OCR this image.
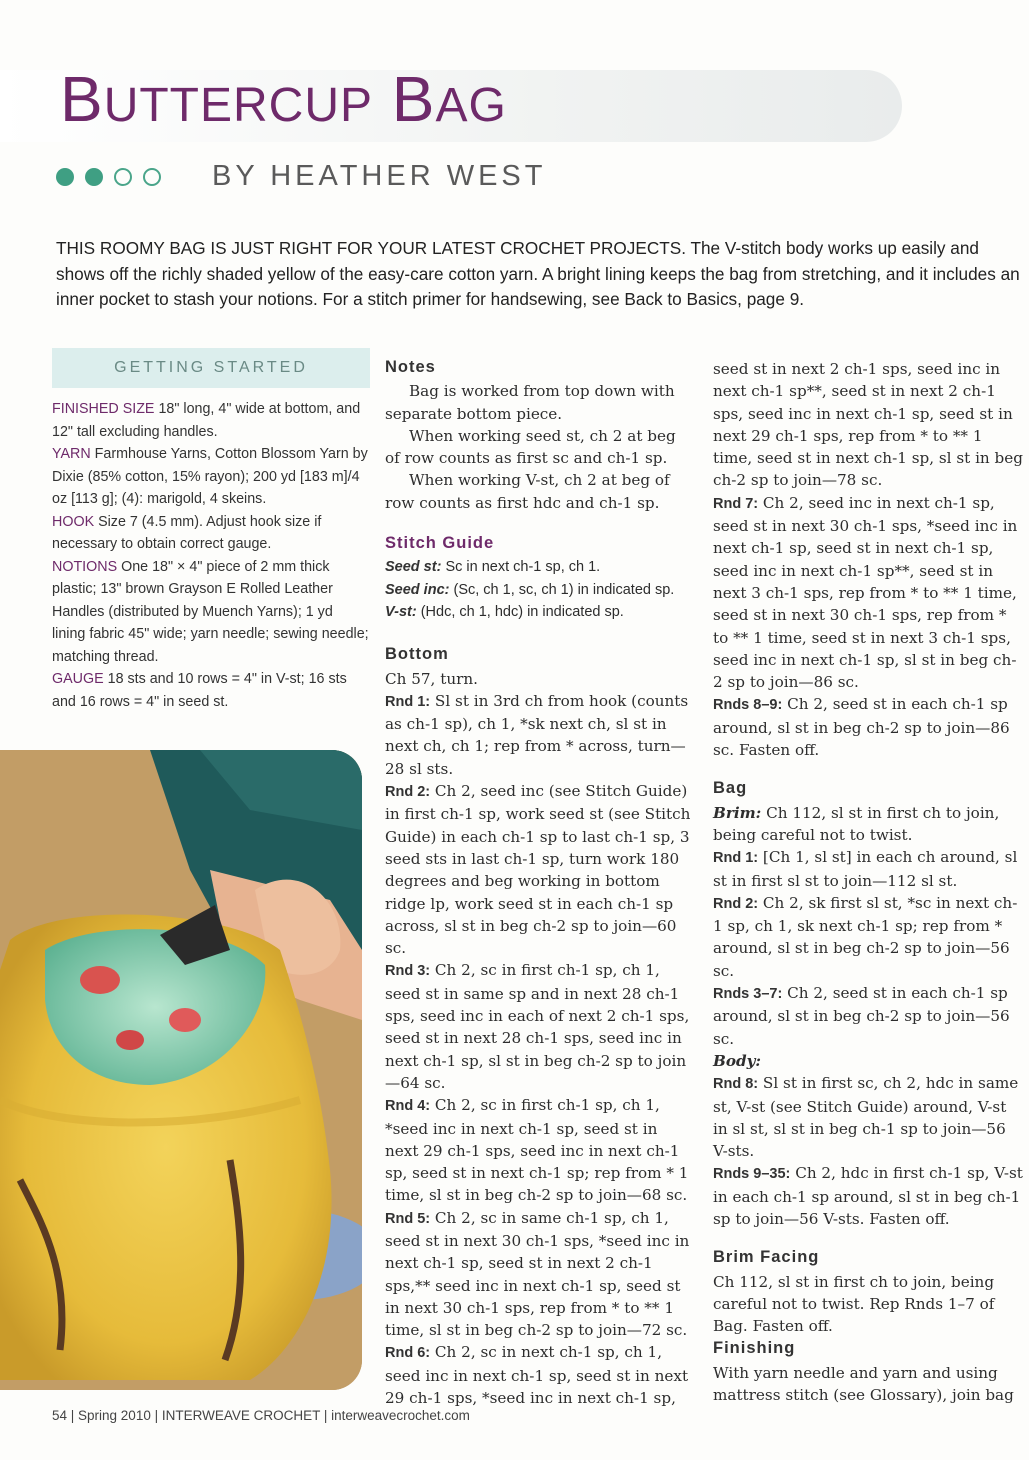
BUTTERCUP BAG
BY HEATHER WEST
THIS ROOMY BAG IS JUST RIGHT FOR YOUR LATEST CROCHET PROJECTS. The V-stitch body works up easily and shows off the richly shaded yellow of the easy-care cotton yarn. A bright lining keeps the bag from stretching, and it includes an inner pocket to stash your notions. For a stitch primer for handsewing, see Back to Basics, page 9.
GETTING STARTED
FINISHED SIZE 18" long, 4" wide at bottom, and 12" tall excluding handles.
YARN Farmhouse Yarns, Cotton Blossom Yarn by Dixie (85% cotton, 15% rayon); 200 yd [183 m]/4 oz [113 g]; (4): marigold, 4 skeins.
HOOK Size 7 (4.5 mm). Adjust hook size if necessary to obtain correct gauge.
NOTIONS One 18" × 4" piece of 2 mm thick plastic; 13" brown Grayson E Rolled Leather Handles (distributed by Muench Yarns); 1 yd lining fabric 45" wide; yarn needle; sewing needle; matching thread.
GAUGE 18 sts and 10 rows = 4" in V-st; 16 sts and 16 rows = 4" in seed st.
Notes

Bag is worked from top down with separate bottom piece.

When working seed st, ch 2 at beg of row counts as first sc and ch-1 sp.

When working V-st, ch 2 at beg of row counts as first hdc and ch-1 sp.

Stitch Guide

Seed st: Sc in next ch-1 sp, ch 1.

Seed inc: (Sc, ch 1, sc, ch 1) in indicated sp.

V-st: (Hdc, ch 1, hdc) in indicated sp.

Bottom

Ch 57, turn.

Rnd 1: Sl st in 3rd ch from hook (counts as ch-1 sp), ch 1, *sk next ch, sl st in next ch, ch 1; rep from * across, turn—28 sl sts.

Rnd 2: Ch 2, seed inc (see Stitch Guide) in first ch-1 sp, work seed st (see Stitch Guide) in each ch-1 sp to last ch-1 sp, 3 seed sts in last ch-1 sp, turn work 180 degrees and beg working in bottom ridge lp, work seed st in each ch-1 sp across, sl st in beg ch-2 sp to join—60 sc.

Rnd 3: Ch 2, sc in first ch-1 sp, ch 1, seed st in same sp and in next 28 ch-1 sps, seed inc in each of next 2 ch-1 sps, seed st in next 28 ch-1 sps, seed inc in next ch-1 sp, sl st in beg ch-2 sp to join—64 sc.

Rnd 4: Ch 2, sc in first ch-1 sp, ch 1, *seed inc in next ch-1 sp, seed st in next 29 ch-1 sps, seed inc in next ch-1 sp, seed st in next ch-1 sp; rep from * 1 time, sl st in beg ch-2 sp to join—68 sc.

Rnd 5: Ch 2, sc in same ch-1 sp, ch 1, seed st in next 30 ch-1 sps, *seed inc in next ch-1 sp, seed st in next 2 ch-1 sps,** seed inc in next ch-1 sp, seed st in next 30 ch-1 sps, rep from * to ** 1 time, sl st in beg ch-2 sp to join—72 sc.

Rnd 6: Ch 2, sc in next ch-1 sp, ch 1, seed inc in next ch-1 sp, seed st in next 29 ch-1 sps, *seed inc in next ch-1 sp,

seed st in next 2 ch-1 sps, seed inc in next ch-1 sp**, seed st in next 2 ch-1 sps, seed inc in next ch-1 sp, seed st in next 29 ch-1 sps, rep from * to ** 1 time, seed st in next ch-1 sp, sl st in beg ch-2 sp to join—78 sc.

Rnd 7: Ch 2, seed inc in next ch-1 sp, seed st in next 30 ch-1 sps, *seed inc in next ch-1 sp, seed st in next ch-1 sp, seed inc in next ch-1 sp**, seed st in next 3 ch-1 sps, rep from * to ** 1 time, seed st in next 30 ch-1 sps, rep from * to ** 1 time, seed st in next 3 ch-1 sps, seed inc in next ch-1 sp, sl st in beg ch-2 sp to join—86 sc.

Rnds 8–9: Ch 2, seed st in each ch-1 sp around, sl st in beg ch-2 sp to join—86 sc. Fasten off.

Bag

Brim: Ch 112, sl st in first ch to join, being careful not to twist.

Rnd 1: [Ch 1, sl st] in each ch around, sl st in first sl st to join—112 sl st.

Rnd 2: Ch 2, sk first sl st, *sc in next ch-1 sp, ch 1, sk next ch-1 sp; rep from * around, sl st in beg ch-2 sp to join—56 sc.

Rnds 3–7: Ch 2, seed st in each ch-1 sp around, sl st in beg ch-2 sp to join—56 sc.

Body:

Rnd 8: Sl st in first sc, ch 2, hdc in same st, V-st (see Stitch Guide) around, V-st in sl st, sl st in beg ch-1 sp to join—56 V-sts.

Rnds 9–35: Ch 2, hdc in first ch-1 sp, V-st in each ch-1 sp around, sl st in beg ch-1 sp to join—56 V-sts. Fasten off.

Brim Facing

Ch 112, sl st in first ch to join, being careful not to twist. Rep Rnds 1–7 of Bag. Fasten off.

Finishing

With yarn needle and yarn and using mattress stitch (see Glossary), join bag

54 | Spring 2010 | INTERWEAVE CROCHET | interweavecrochet.com
